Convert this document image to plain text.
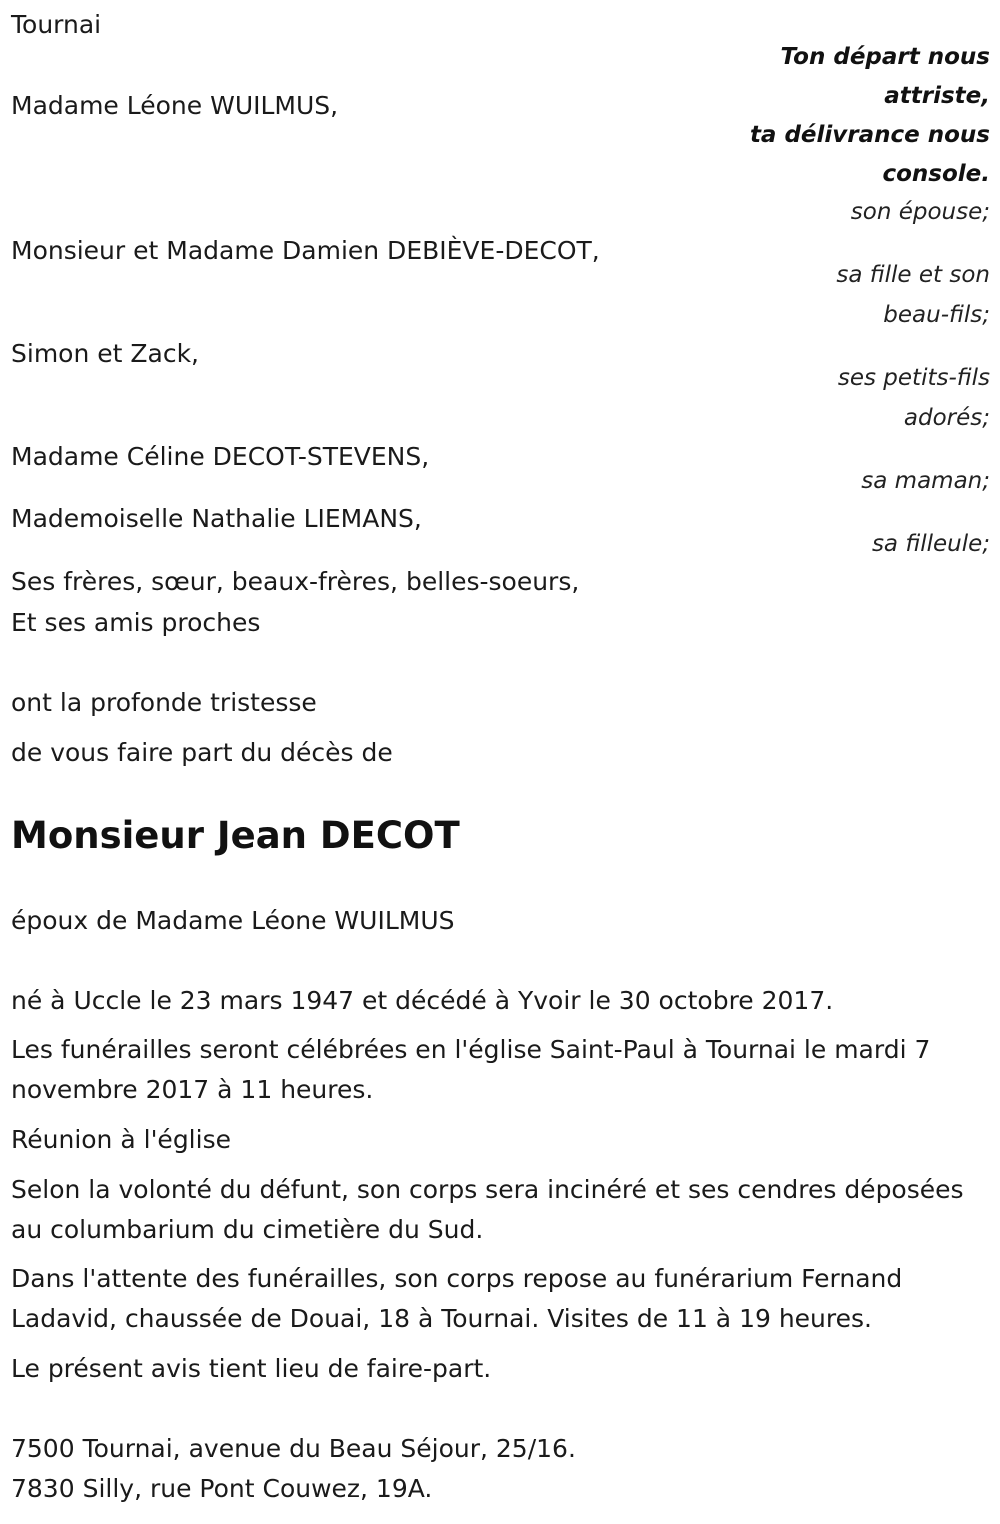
Tournai

Ton départ nous
attriste,
ta délivrance nous
console.

Madame Léone WUILMUS,

Monsieur et Madame Damien DEBIÈVE-DECOT,

Simon et Zack,

Madame Céline DECOT-STEVENS,

Mademoiselle Nathalie LIEMANS,

son épouse;
sa fille et son
beau-fils;
ses petits-fils
adorés;
sa maman;
sa filleule;

Ses frères, sœur, beaux-frères, belles-soeurs,

Et ses amis proches

ont la profonde tristesse

de vous faire part du décès de

Monsieur Jean DECOT

époux de Madame Léone WUILMUS

né à Uccle le 23 mars 1947 et décédé à Yvoir le 30 octobre 2017.

Les funérailles seront célébrées en l'église Saint-Paul à Tournai le mardi 7 novembre 2017 à 11 heures.

Réunion à l'église

Selon la volonté du défunt, son corps sera incinéré et ses cendres déposées au columbarium du cimetière du Sud.

Dans l'attente des funérailles, son corps repose au funérarium Fernand Ladavid, chaussée de Douai, 18 à Tournai. Visites de 11 à 19 heures.

Le présent avis tient lieu de faire-part.

7500 Tournai, avenue du Beau Séjour, 25/16.

7830 Silly, rue Pont Couwez, 19A.
